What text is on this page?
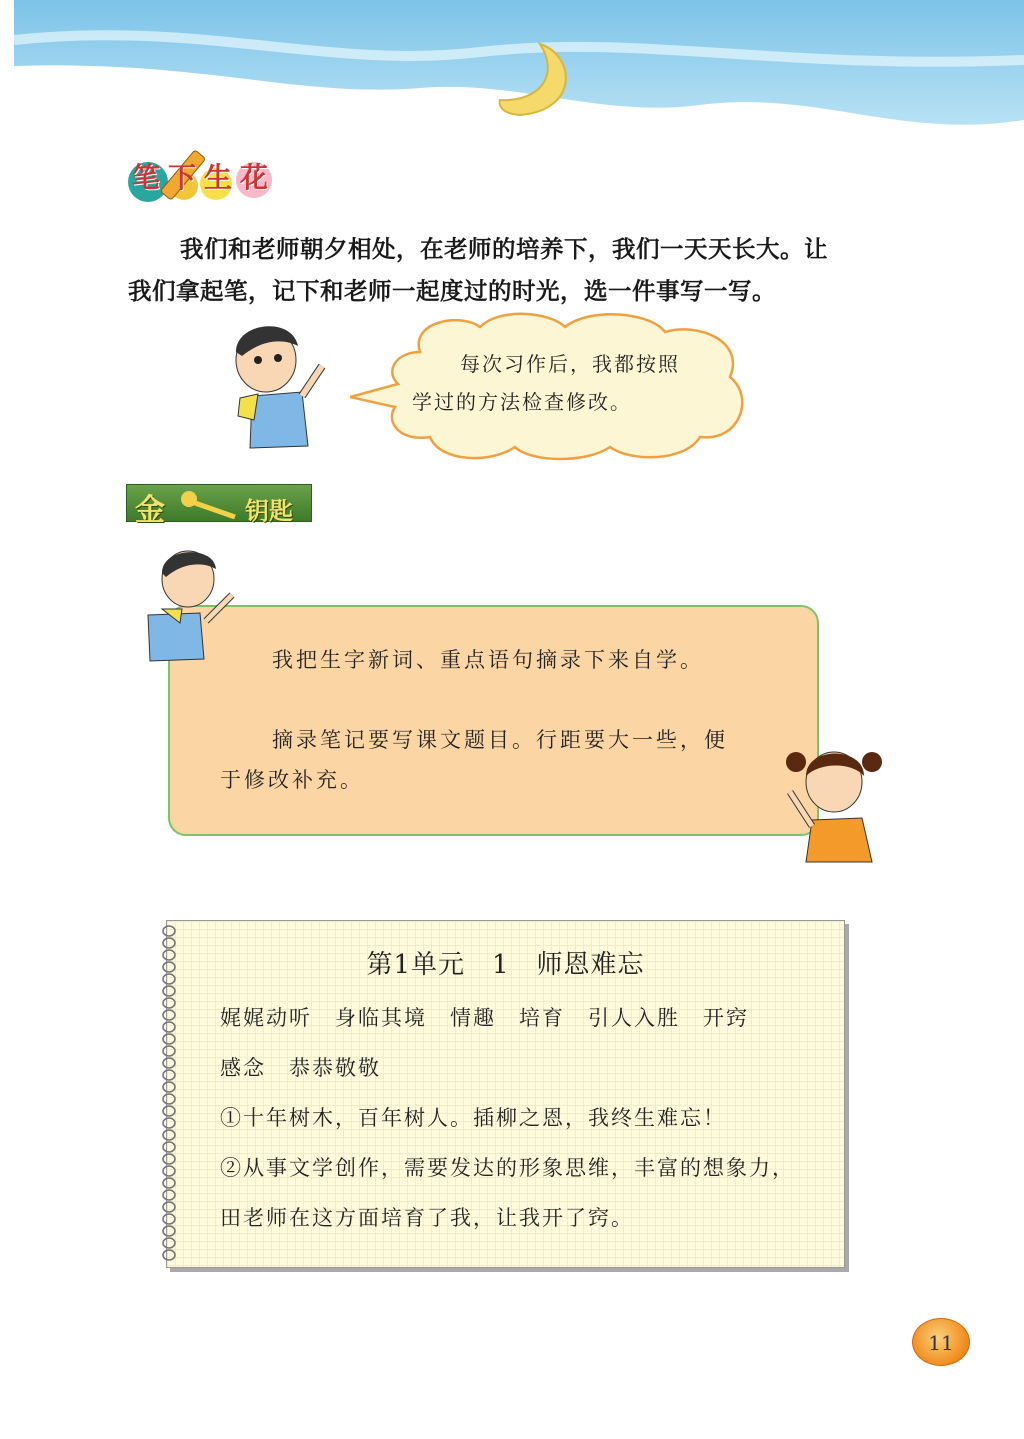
笔下生花
我们和老师朝夕相处，在老师的培养下，我们一天天长大。让
我们拿起笔，记下和老师一起度过的时光，选一件事写一写。
每次习作后，我都按照
学过的方法检查修改。
金	钥匙
我把生字新词、重点语句摘录下来自学。
摘录笔记要写课文题目。行距要大一些，便
于修改补充。
第1单元　1　师恩难忘
娓娓动听　身临其境　情趣　培育　引人入胜　开窍
感念　恭恭敬敬
①十年树木，百年树人。插柳之恩，我终生难忘！
②从事文学创作，需要发达的形象思维，丰富的想象力，
田老师在这方面培育了我，让我开了窍。
11
